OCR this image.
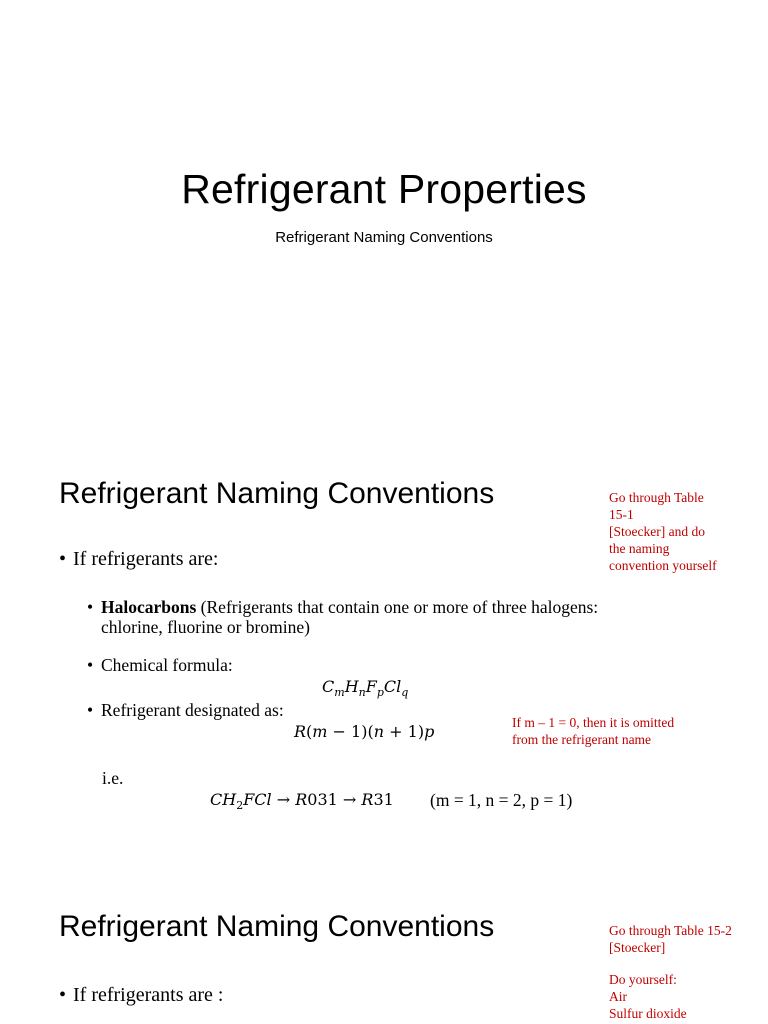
Refrigerant Properties
Refrigerant Naming Conventions
Refrigerant Naming Conventions	Go through Table
15-1
[Stoecker] and do
the naming
convention yourself
• If refrigerants are:
• Halocarbons (Refrigerants that contain one or more of three halogens:
chlorine, fluorine or bromine)
• Chemical formula:
$C_mH_nF_pCl_q$
• Refrigerant designated as:
If m – 1 = 0, then it is omitted
from the refrigerant name
R(m − 1)(n + 1)p
i.e.
$CH_2FCl \to R031 \to R31$ (m = 1, n = 2, p = 1)
Refrigerant Naming Conventions	Go through Table 15-2
[Stoecker]
Do yourself:
Air
Sulfur dioxide
• If refrigerants are :
